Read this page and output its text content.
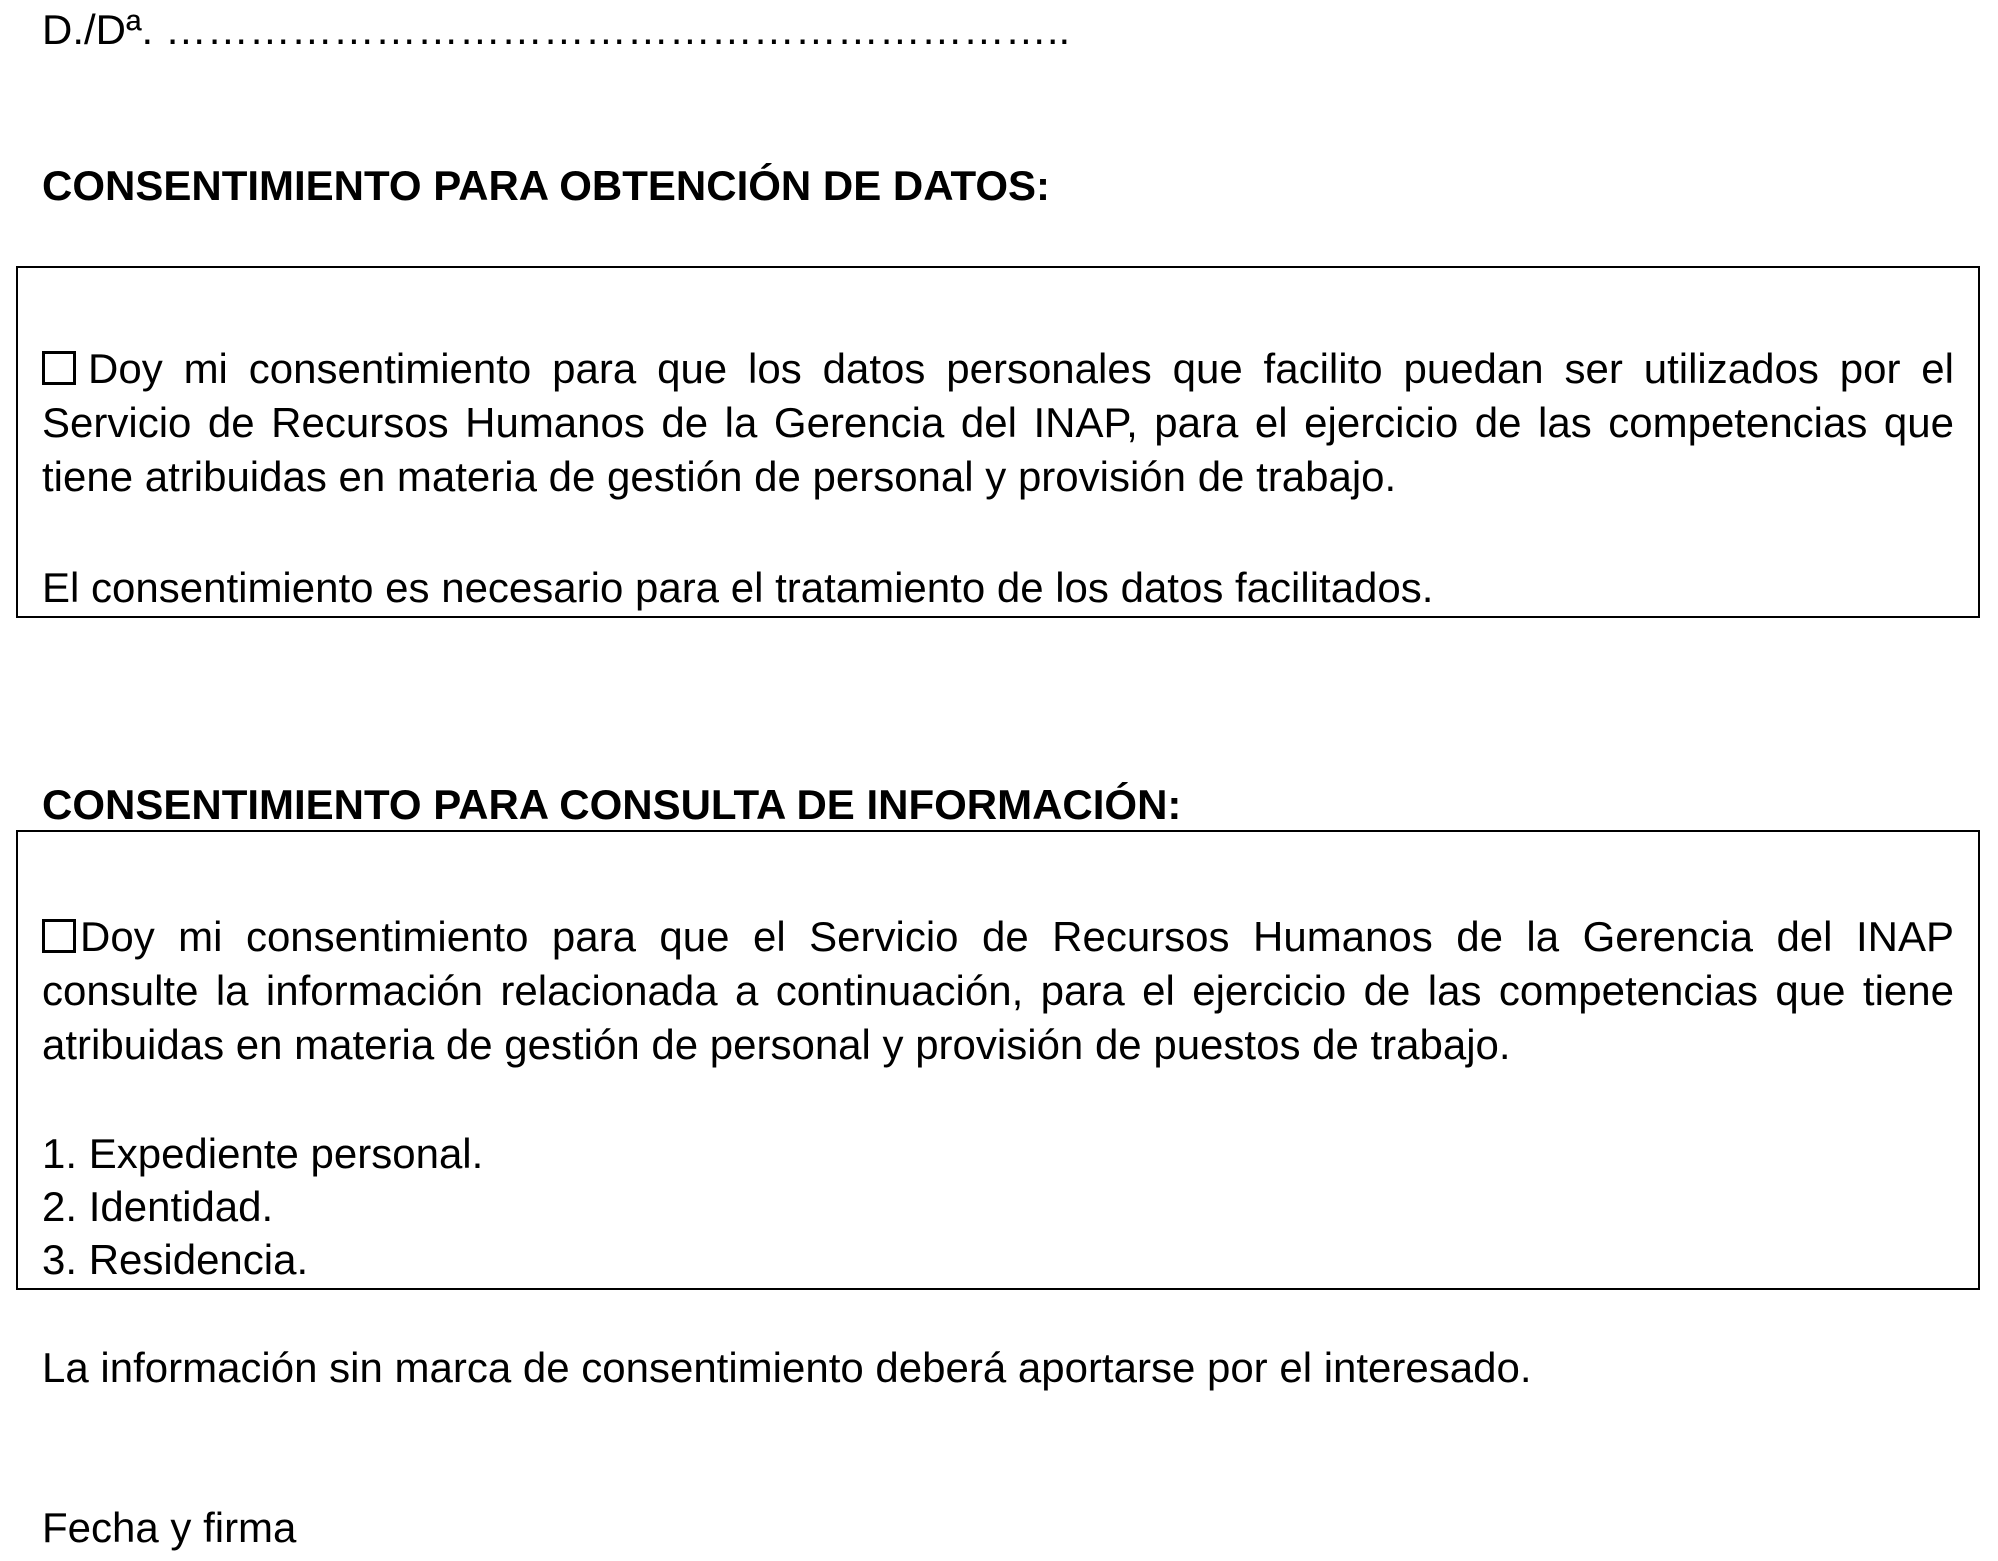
D./Dª. ………………………………………………………..
CONSENTIMIENTO PARA OBTENCIÓN DE DATOS:
Doy mi consentimiento para que los datos personales que facilito puedan ser utilizados por el Servicio de Recursos Humanos de la Gerencia del INAP, para el ejercicio de las competencias que tiene atribuidas en materia de gestión de personal y provisión de trabajo.
El consentimiento es necesario para el tratamiento de los datos facilitados.
CONSENTIMIENTO PARA CONSULTA DE INFORMACIÓN:
Doy mi consentimiento para que el Servicio de Recursos Humanos de la Gerencia del INAP consulte la información relacionada a continuación, para el ejercicio de las competencias que tiene atribuidas en materia de gestión de personal y provisión de puestos de trabajo.
1. Expediente personal.
2. Identidad.
3. Residencia.
La información sin marca de consentimiento deberá aportarse por el interesado.
Fecha y firma
